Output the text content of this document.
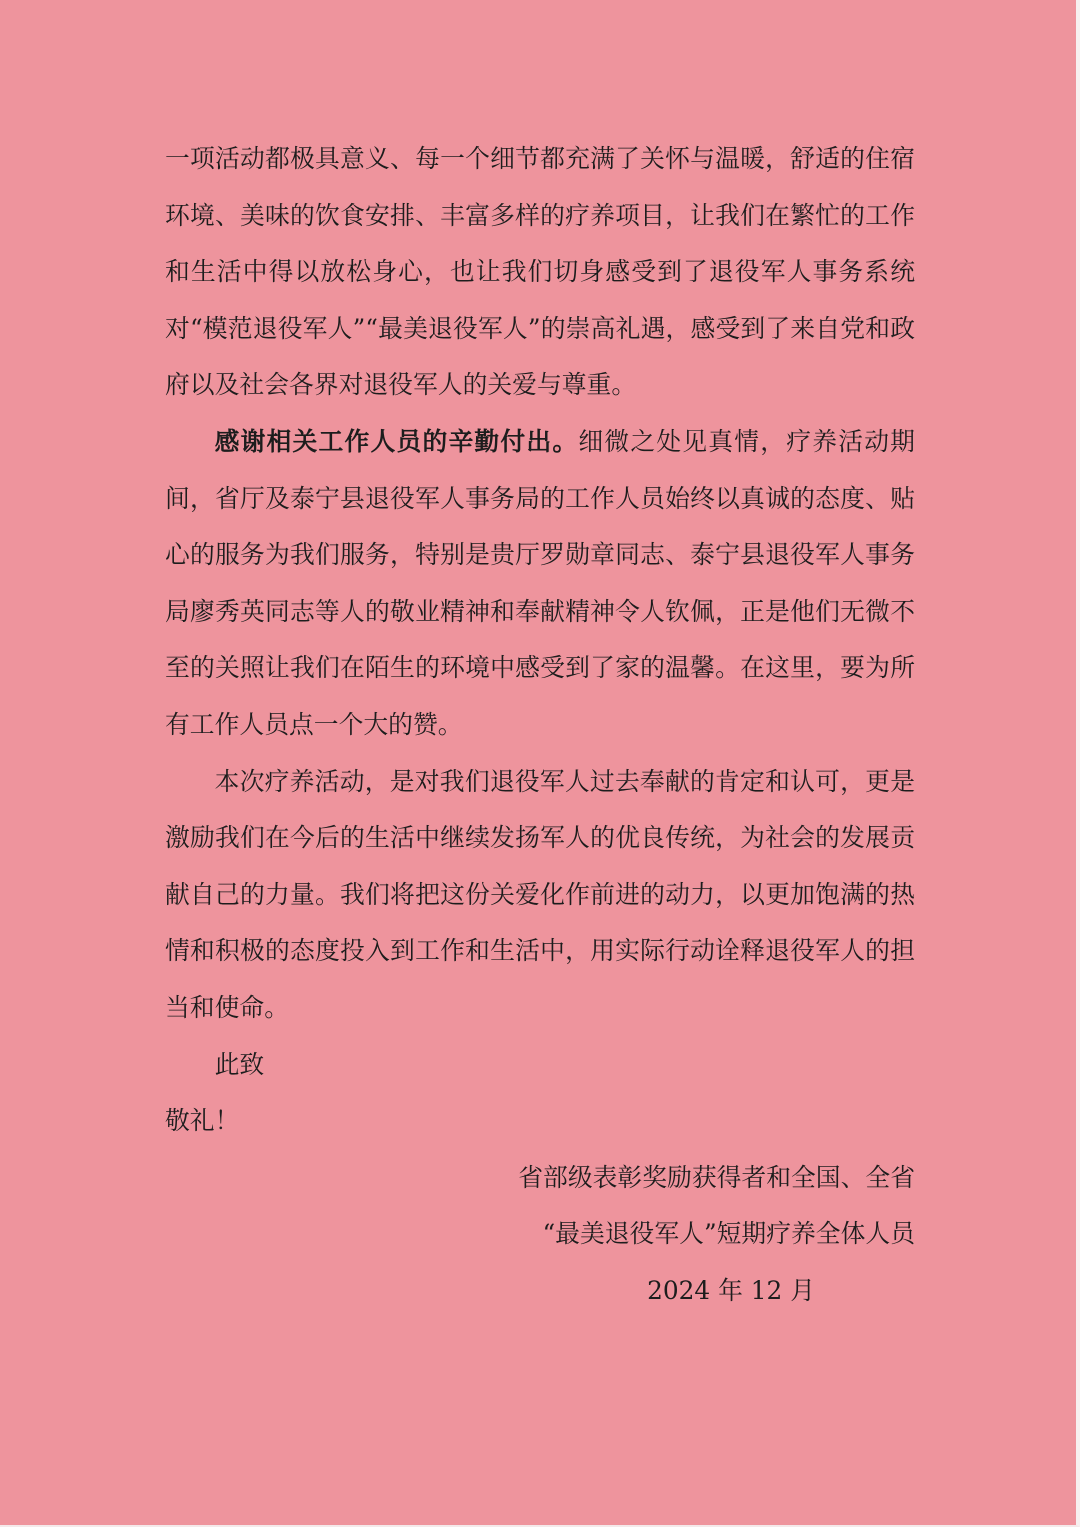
一项活动都极具意义、每一个细节都充满了关怀与温暖，舒适的住宿环境、美味的饮食安排、丰富多样的疗养项目，让我们在繁忙的工作和生活中得以放松身心，也让我们切身感受到了退役军人事务系统对“模范退役军人”“最美退役军人”的崇高礼遇，感受到了来自党和政府以及社会各界对退役军人的关爱与尊重。

感谢相关工作人员的辛勤付出。细微之处见真情，疗养活动期间，省厅及泰宁县退役军人事务局的工作人员始终以真诚的态度、贴心的服务为我们服务，特别是贵厅罗勋章同志、泰宁县退役军人事务局廖秀英同志等人的敬业精神和奉献精神令人钦佩，正是他们无微不至的关照让我们在陌生的环境中感受到了家的温馨。在这里，要为所有工作人员点一个大的赞。

本次疗养活动，是对我们退役军人过去奉献的肯定和认可，更是激励我们在今后的生活中继续发扬军人的优良传统，为社会的发展贡献自己的力量。我们将把这份关爱化作前进的动力，以更加饱满的热情和积极的态度投入到工作和生活中，用实际行动诠释退役军人的担当和使命。

此致

敬礼！

省部级表彰奖励获得者和全国、全省

“最美退役军人”短期疗养全体人员

2024 年 12 月
